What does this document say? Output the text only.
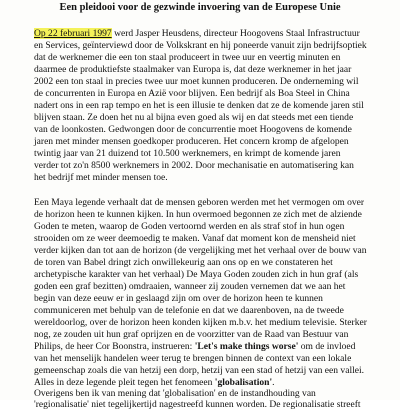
Een pleidooi voor de gezwinde invoering van de Europese Unie
Op 22 februari 1997 werd Jasper Heusdens, directeur Hoogovens Staal Infrastructuur
en Services, geïnterviewd door de Volkskrant en hij poneerde vanuit zijn bedrijfsoptiek
dat de werknemer die een ton staal produceert in twee uur en veertig minuten en
daarmee de produktiefste staalmaker van Europa is, dat deze werknemer in het jaar
2002 een ton staal in precies twee uur moet kunnen produceren. De onderneming wil
de concurrenten in Europa en Azië voor blijven. Een bedrijf als Boa Steel in China
nadert ons in een rap tempo en het is een illusie te denken dat ze de komende jaren stil
blijven staan. Ze doen het nu al bijna even goed als wij en dat steeds met een tiende
van de loonkosten. Gedwongen door de concurrentie moet Hoogovens de komende
jaren met minder mensen goedkoper produceren. Het concern kromp de afgelopen
twintig jaar van 21 duizend tot 10.500 werknemers, en krimpt de komende jaren
verder tot zo'n 8500 werknemers in 2002. Door mechanisatie en automatisering kan
het bedrijf met minder mensen toe.
Een Maya legende verhaalt dat de mensen geboren werden met het vermogen om over
de horizon heen te kunnen kijken. In hun overmoed begonnen ze zich met de alziende
Goden te meten, waarop de Goden vertoornd werden en als straf stof in hun ogen
strooiden om ze weer deemoedig te maken. Vanaf dat moment kon de mensheid niet
verder kijken dan tot aan de horizon (de vergelijking met het verhaal over de bouw van
de toren van Babel dringt zich onwillekeurig aan ons op en we constateren het
archetypische karakter van het verhaal) De Maya Goden zouden zich in hun graf (als
goden een graf bezitten) omdraaien, wanneer zij zouden vernemen dat we aan het
begin van deze eeuw er in geslaagd zijn om over de horizon heen te kunnen
communiceren met behulp van de telefonie en dat we daarenboven, na de tweede
wereldoorlog, over de horizon heen konden kijken m.b.v. het medium televisie. Sterker
nog, ze zouden uit hun graf oprijzen en de voorzitter van de Raad van Bestuur van
Philips, de heer Cor Boonstra, instrueren: 'Let's make things worse' om de invloed
van het menselijk handelen weer terug te brengen binnen de context van een lokale
gemeenschap zoals die van hetzij een dorp, hetzij van een stad of hetzij van een vallei.
Alles in deze legende pleit tegen het fenomeen 'globalisation'.
Overigens ben ik van mening dat 'globalisation' en de instandhouding van
'regionalisatie' niet tegelijkertijd nagestreefd kunnen worden. De regionalisatie streeft
